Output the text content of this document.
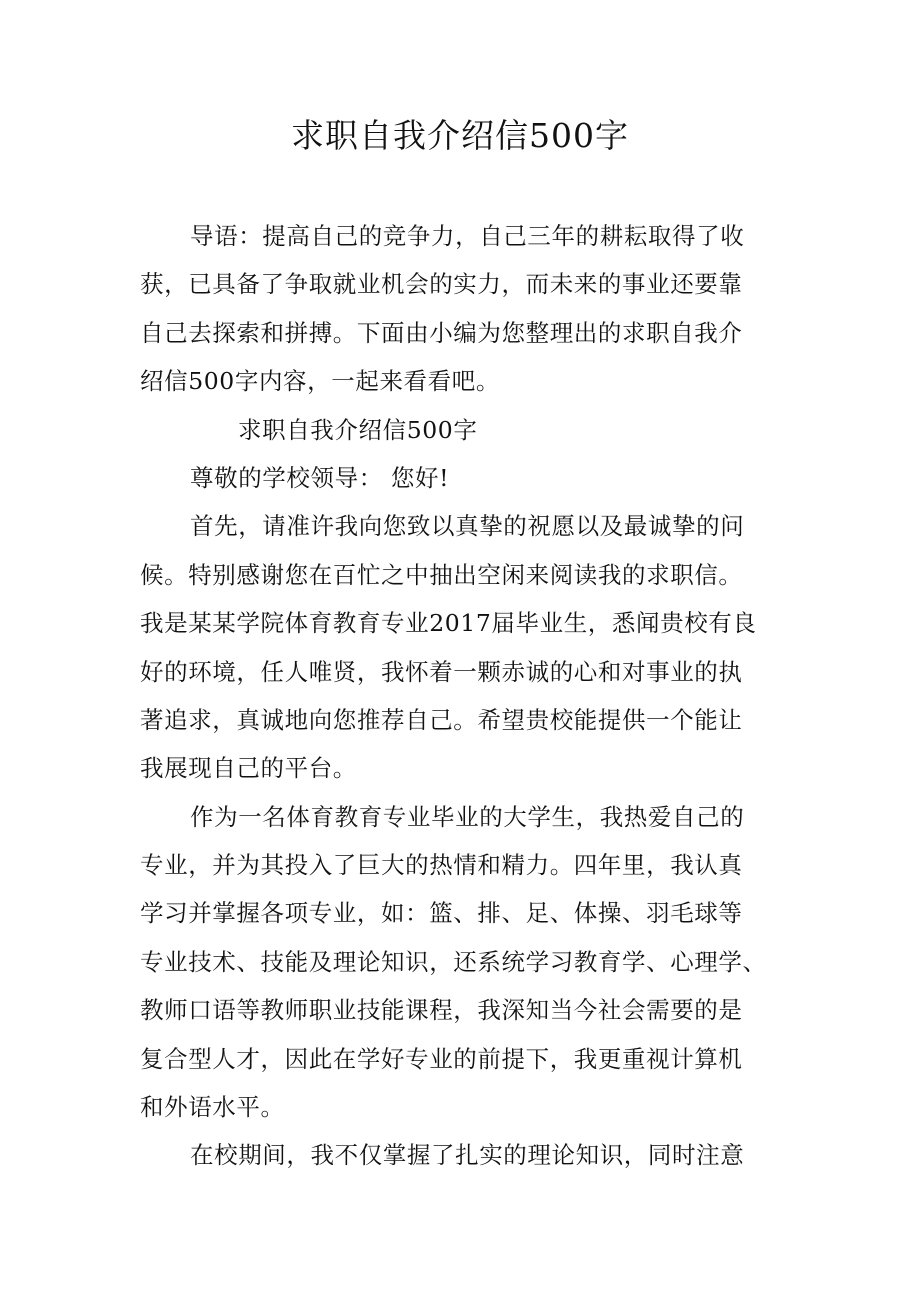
求职自我介绍信500字
导语：提高自己的竞争力，自己三年的耕耘取得了收
获，已具备了争取就业机会的实力，而未来的事业还要靠
自己去探索和拼搏。下面由小编为您整理出的求职自我介
绍信500字内容，一起来看看吧。
求职自我介绍信500字
尊敬的学校领导： 您好!
首先，请准许我向您致以真挚的祝愿以及最诚挚的问
候。特别感谢您在百忙之中抽出空闲来阅读我的求职信。
我是某某学院体育教育专业2017届毕业生，悉闻贵校有良
好的环境，任人唯贤，我怀着一颗赤诚的心和对事业的执
著追求，真诚地向您推荐自己。希望贵校能提供一个能让
我展现自己的平台。
作为一名体育教育专业毕业的大学生，我热爱自己的
专业，并为其投入了巨大的热情和精力。四年里，我认真
学习并掌握各项专业，如：篮、排、足、体操、羽毛球等
专业技术、技能及理论知识，还系统学习教育学、心理学、
教师口语等教师职业技能课程，我深知当今社会需要的是
复合型人才，因此在学好专业的前提下，我更重视计算机
和外语水平。
在校期间，我不仅掌握了扎实的理论知识，同时注意
